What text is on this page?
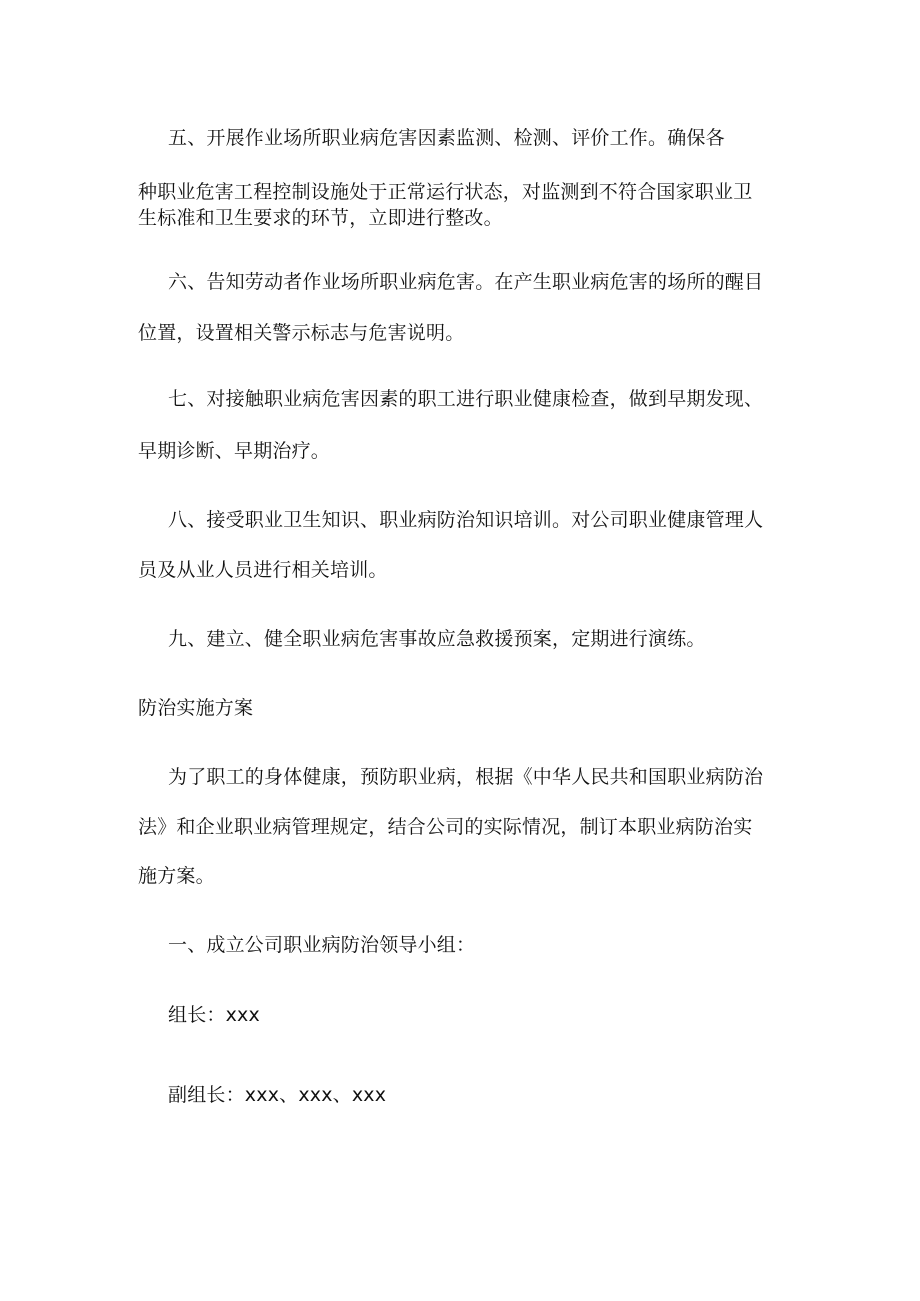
五、开展作业场所职业病危害因素监测、检测、评价工作。确保各

种职业危害工程控制设施处于正常运行状态，对监测到不符合国家职业卫

生标准和卫生要求的环节，立即进行整改。

六、告知劳动者作业场所职业病危害。在产生职业病危害的场所的醒目

位置，设置相关警示标志与危害说明。

七、对接触职业病危害因素的职工进行职业健康检查，做到早期发现、

早期诊断、早期治疗。

八、接受职业卫生知识、职业病防治知识培训。对公司职业健康管理人

员及从业人员进行相关培训。

九、建立、健全职业病危害事故应急救援预案，定期进行演练。

防治实施方案

为了职工的身体健康，预防职业病，根据《中华人民共和国职业病防治

法》和企业职业病管理规定，结合公司的实际情况，制订本职业病防治实

施方案。

一、成立公司职业病防治领导小组：

组长：xxx

副组长：xxx、xxx、xxx
